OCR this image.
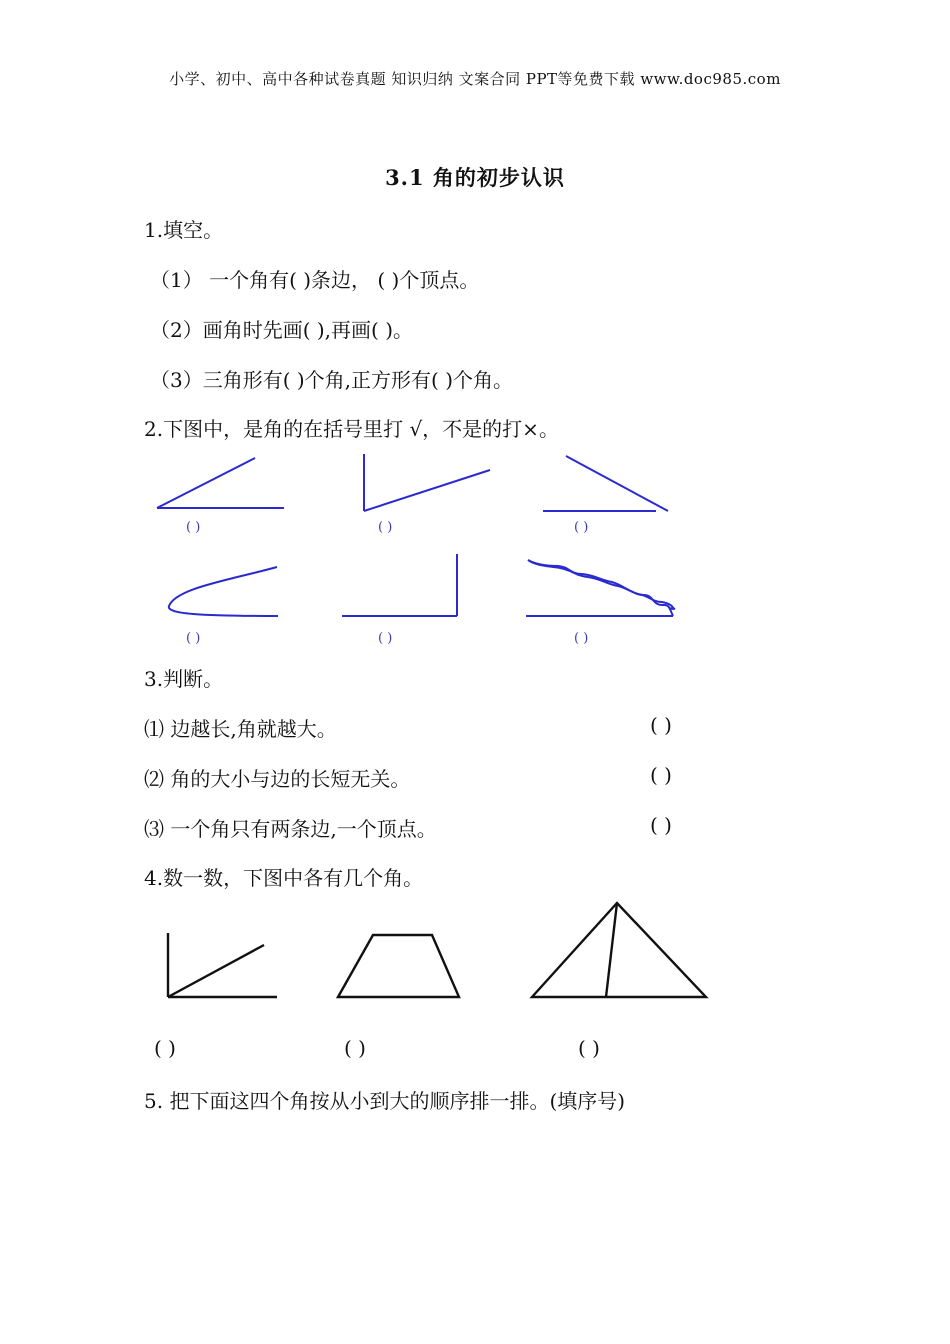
小学、初中、高中各种试卷真题 知识归纳 文案合同 PPT等免费下载 www.doc985.com
3.1 角的初步认识
1.填空。
（1） 一个角有( )条边， ( )个顶点。
（2）画角时先画( ),再画( )。
（3）三角形有( )个角,正方形有( )个角。
2.下图中，是角的在括号里打 √，不是的打×。
( )	( )	( )
( )	( )	( )
3.判断。
⑴ 边越长,角就越大。	( )
⑵ 角的大小与边的长短无关。	( )
⑶ 一个角只有两条边,一个顶点。	( )
4.数一数，下图中各有几个角。
( )	( )	( )
5. 把下面这四个角按从小到大的顺序排一排。(填序号)
